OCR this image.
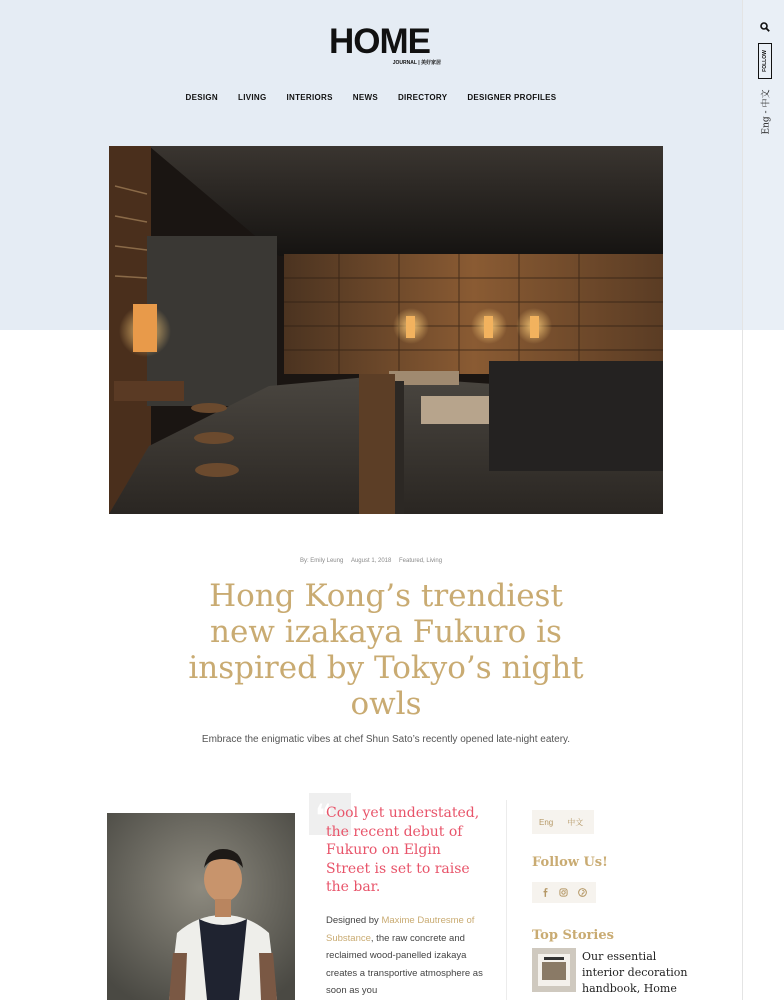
FOLLOW
Eng - 中文
HOME
JOURNAL | 美好家居
DESIGN	LIVING	INTERIORS	NEWS	DIRECTORY	DESIGNER PROFILES
By: Emily Leung August 1, 2018 Featured, Living
Hong Kong’s trendiest new izakaya Fukuro is inspired by Tokyo’s night owls

Embrace the enigmatic vibes at chef Shun Sato’s recently opened late-night eatery.

❝

Cool yet understated, the recent debut of Fukuro on Elgin Street is set to raise the bar.

Designed by Maxime Dautresme of Substance, the raw concrete and reclaimed wood-panelled izakaya creates a transportive atmosphere as soon as you

Eng	中文
Follow Us!
Top Stories

Our essential interior decoration handbook, Home
